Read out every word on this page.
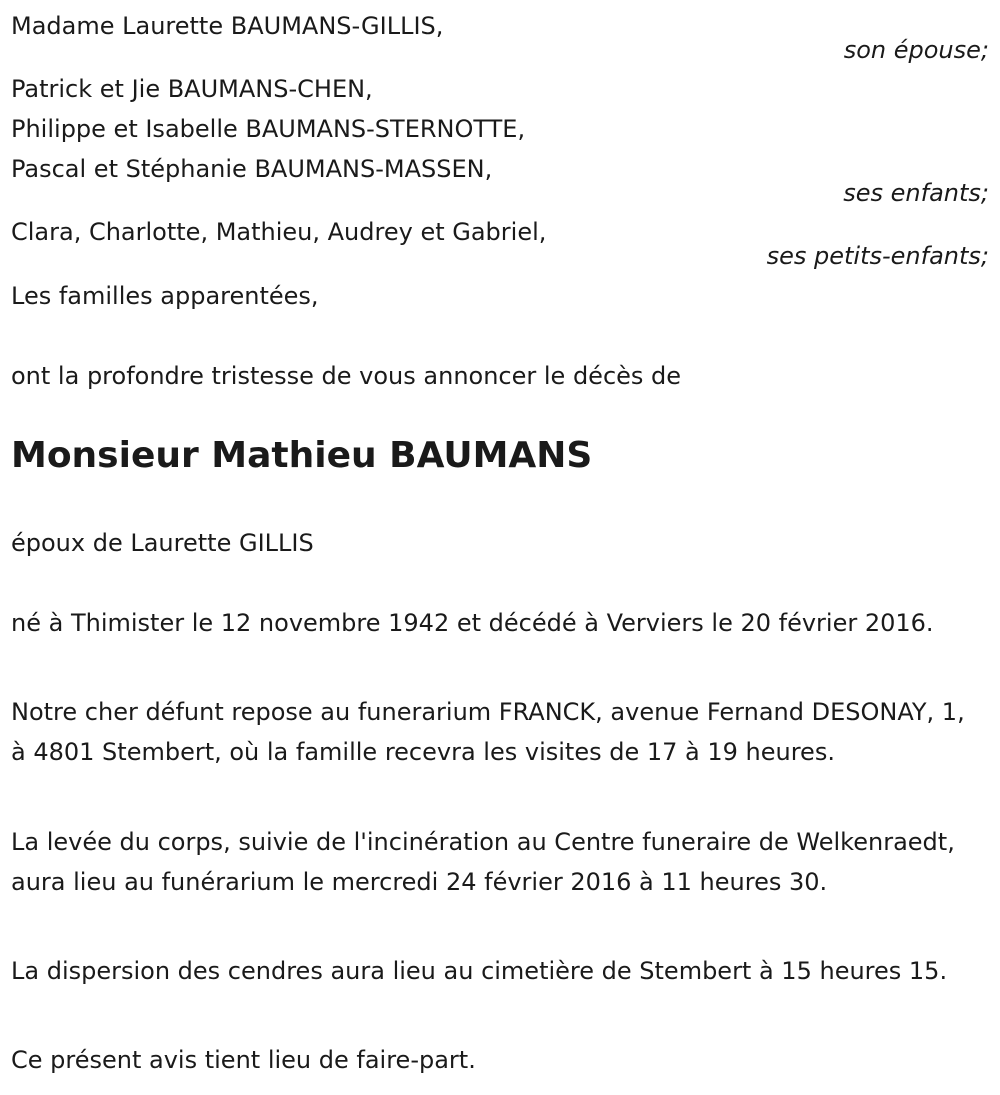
Madame Laurette BAUMANS-GILLIS,

son épouse;

Patrick et Jie BAUMANS-CHEN,

Philippe et Isabelle BAUMANS-STERNOTTE,

Pascal et Stéphanie BAUMANS-MASSEN,

ses enfants;

Clara, Charlotte, Mathieu, Audrey et Gabriel,

ses petits-enfants;

Les familles apparentées,

ont la profondre tristesse de vous annoncer le décès de

Monsieur Mathieu BAUMANS

époux de Laurette GILLIS

né à Thimister le 12 novembre 1942 et décédé à Verviers le 20 février 2016.

Notre cher défunt repose au funerarium FRANCK, avenue Fernand DESONAY, 1, à 4801 Stembert, où la famille recevra les visites de 17 à 19 heures.

La levée du corps, suivie de l'incinération au Centre funeraire de Welkenraedt, aura lieu au funérarium le mercredi 24 février 2016 à 11 heures 30.

La dispersion des cendres aura lieu au cimetière de Stembert à 15 heures 15.

Ce présent avis tient lieu de faire-part.
